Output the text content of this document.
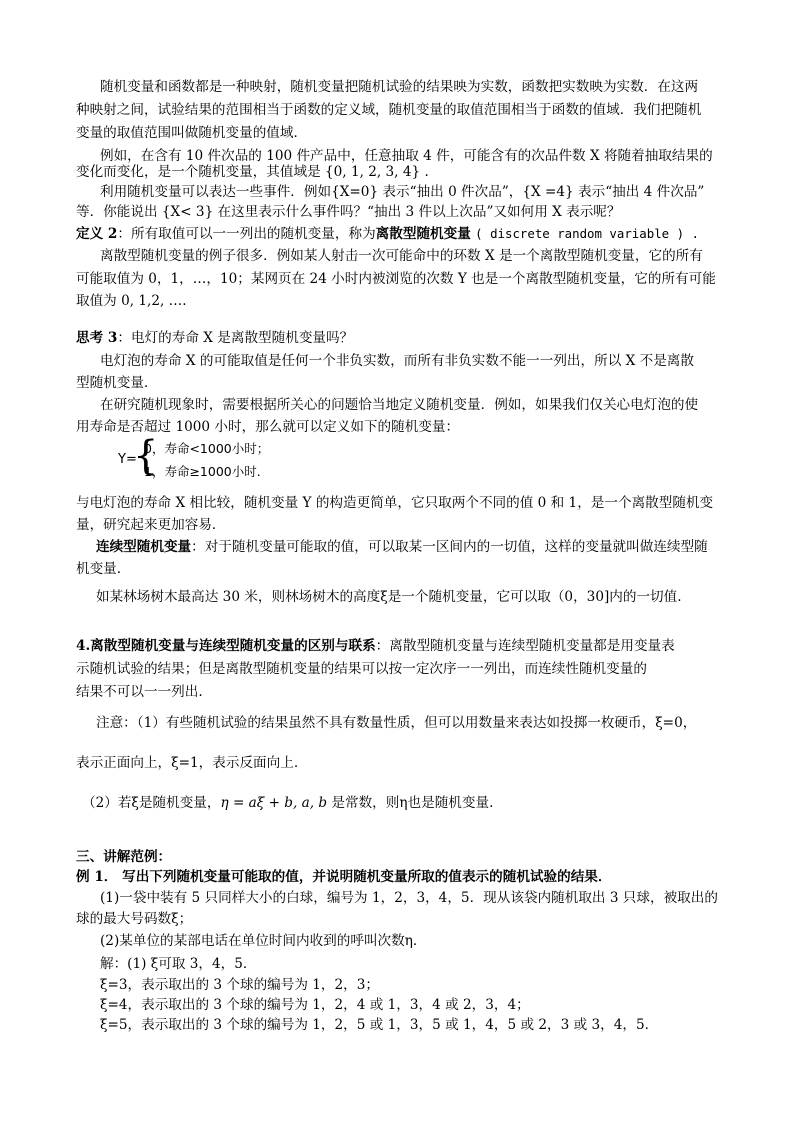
随机变量和函数都是一种映射，随机变量把随机试验的结果映为实数，函数把实数映为实数．在这两
种映射之间，试验结果的范围相当于函数的定义域，随机变量的取值范围相当于函数的值域．我们把随机
变量的取值范围叫做随机变量的值域．
例如，在含有 10 件次品的 100 件产品中，任意抽取 4 件，可能含有的次品件数 X 将随着抽取结果的
变化而变化，是一个随机变量，其值域是 {0, 1, 2, 3, 4} .
利用随机变量可以表达一些事件．例如{X=0} 表示“抽出 0 件次品”，{X =4} 表示“抽出 4 件次品”
等．你能说出 {X< 3} 在这里表示什么事件吗？“抽出 3 件以上次品”又如何用 X 表示呢？
定义 2：所有取值可以一一列出的随机变量，称为离散型随机变量 ( discrete random variable ) .
离散型随机变量的例子很多．例如某人射击一次可能命中的环数 X 是一个离散型随机变量，它的所有
可能取值为 0，1，…，10；某网页在 24 小时内被浏览的次数 Y 也是一个离散型随机变量，它的所有可能
取值为 0, 1,2, ….
思考 3：电灯的寿命 X 是离散型随机变量吗？
电灯泡的寿命 X 的可能取值是任何一个非负实数，而所有非负实数不能一一列出，所以 X 不是离散
型随机变量．
在研究随机现象时，需要根据所关心的问题恰当地定义随机变量．例如，如果我们仅关心电灯泡的使
用寿命是否超过 1000 小时，那么就可以定义如下的随机变量：
Y=
{
0，寿命<1000小时；
1，寿命≥1000小时.
与电灯泡的寿命 X 相比较，随机变量 Y 的构造更简单，它只取两个不同的值 0 和 1，是一个离散型随机变
量，研究起来更加容易．
连续型随机变量：对于随机变量可能取的值，可以取某一区间内的一切值，这样的变量就叫做连续型随
机变量.
如某林场树木最高达 30 米，则林场树木的高度ξ是一个随机变量，它可以取（0，30]内的一切值.
4.离散型随机变量与连续型随机变量的区别与联系：离散型随机变量与连续型随机变量都是用变量表
示随机试验的结果；但是离散型随机变量的结果可以按一定次序一一列出，而连续性随机变量的
结果不可以一一列出.
注意：（1）有些随机试验的结果虽然不具有数量性质，但可以用数量来表达如投掷一枚硬币，ξ=0，
表示正面向上，ξ=1，表示反面向上.
（2）若ξ是随机变量，η = aξ + b, a, b 是常数，则η也是随机变量.
三、讲解范例：
例 1． 写出下列随机变量可能取的值，并说明随机变量所取的值表示的随机试验的结果．
(1)一袋中装有 5 只同样大小的白球，编号为 1，2，3，4，5．现从该袋内随机取出 3 只球，被取出的
球的最大号码数ξ；
(2)某单位的某部电话在单位时间内收到的呼叫次数η．
解：(1) ξ可取 3，4，5．
ξ=3，表示取出的 3 个球的编号为 1，2，3；
ξ=4，表示取出的 3 个球的编号为 1，2，4 或 1，3，4 或 2，3，4；
ξ=5，表示取出的 3 个球的编号为 1，2，5 或 1，3，5 或 1，4，5 或 2，3 或 3，4，5．
